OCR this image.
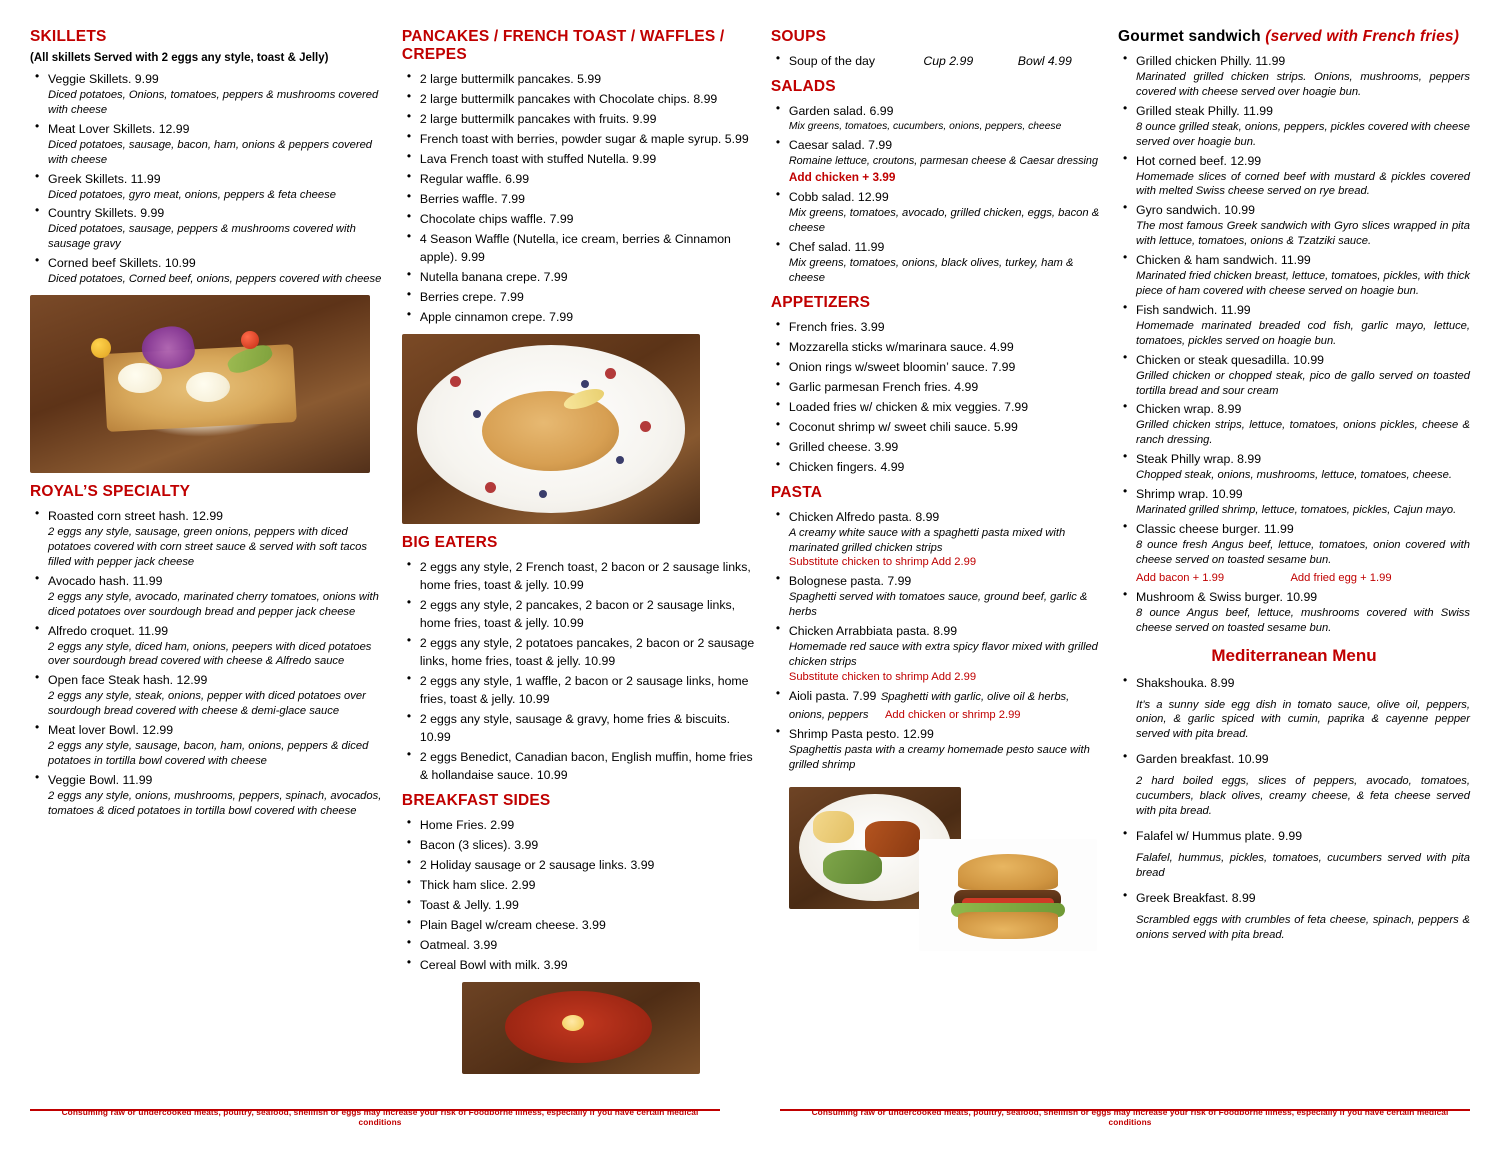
SKILLETS
(All skillets Served with 2 eggs any style, toast & Jelly)
• Veggie Skillets. 9.99
Diced potatoes, Onions, tomatoes, peppers & mushrooms covered with cheese
• Meat Lover Skillets. 12.99
Diced potatoes, sausage, bacon, ham, onions & peppers covered with cheese
• Greek Skillets. 11.99
Diced potatoes, gyro meat, onions, peppers & feta cheese
• Country Skillets. 9.99
Diced potatoes, sausage, peppers & mushrooms covered with sausage gravy
• Corned beef Skillets. 10.99
Diced potatoes, Corned beef, onions, peppers covered with cheese
ROYAL’S SPECIALTY
• Roasted corn street hash. 12.99
2 eggs any style, sausage, green onions, peppers with diced potatoes covered with corn street sauce & served with soft tacos filled with pepper jack cheese
• Avocado hash. 11.99
2 eggs any style, avocado, marinated cherry tomatoes, onions with diced potatoes over sourdough bread and pepper jack cheese
• Alfredo croquet. 11.99
2 eggs any style, diced ham, onions, peepers with diced potatoes over sourdough bread covered with cheese & Alfredo sauce
• Open face Steak hash. 12.99
2 eggs any style, steak, onions, pepper with diced potatoes over sourdough bread covered with cheese & demi-glace sauce
• Meat lover Bowl. 12.99
2 eggs any style, sausage, bacon, ham, onions, peppers & diced potatoes in tortilla bowl covered with cheese
• Veggie Bowl. 11.99
2 eggs any style, onions, mushrooms, peppers, spinach, avocados, tomatoes & diced potatoes in tortilla bowl covered with cheese
PANCAKES / FRENCH TOAST / WAFFLES / CREPES
• 2 large buttermilk pancakes. 5.99
• 2 large buttermilk pancakes with Chocolate chips. 8.99
• 2 large buttermilk pancakes with fruits. 9.99
• French toast with berries, powder sugar & maple syrup. 5.99
• Lava French toast with stuffed Nutella. 9.99
• Regular waffle. 6.99
• Berries waffle. 7.99
• Chocolate chips waffle. 7.99
• 4 Season Waffle (Nutella, ice cream, berries & Cinnamon apple). 9.99
• Nutella banana crepe. 7.99
• Berries crepe. 7.99
• Apple cinnamon crepe. 7.99
BIG EATERS
• 2 eggs any style, 2 French toast, 2 bacon or 2 sausage links, home fries, toast & jelly. 10.99
• 2 eggs any style, 2 pancakes, 2 bacon or 2 sausage links, home fries, toast & jelly. 10.99
• 2 eggs any style, 2 potatoes pancakes, 2 bacon or 2 sausage links, home fries, toast & jelly. 10.99
• 2 eggs any style, 1 waffle, 2 bacon or 2 sausage links, home fries, toast & jelly. 10.99
• 2 eggs any style, sausage & gravy, home fries & biscuits. 10.99
• 2 eggs Benedict, Canadian bacon, English muffin, home fries & hollandaise sauce. 10.99
BREAKFAST SIDES
• Home Fries. 2.99
• Bacon (3 slices). 3.99
• 2 Holiday sausage or 2 sausage links. 3.99
• Thick ham slice. 2.99
• Toast & Jelly. 1.99
• Plain Bagel w/cream cheese. 3.99
• Oatmeal. 3.99
• Cereal Bowl with milk. 3.99
SOUPS
• Soup of the day	Cup 2.99	Bowl 4.99
SALADS
• Garden salad. 6.99
Mix greens, tomatoes, cucumbers, onions, peppers, cheese
• Caesar salad. 7.99
Romaine lettuce, croutons, parmesan cheese & Caesar dressing
Add chicken + 3.99
• Cobb salad. 12.99
Mix greens, tomatoes, avocado, grilled chicken, eggs, bacon & cheese
• Chef salad. 11.99
Mix greens, tomatoes, onions, black olives, turkey, ham & cheese
APPETIZERS
• French fries. 3.99
• Mozzarella sticks w/marinara sauce. 4.99
• Onion rings w/sweet bloomin’ sauce. 7.99
• Garlic parmesan French fries. 4.99
• Loaded fries w/ chicken & mix veggies. 7.99
• Coconut shrimp w/ sweet chili sauce. 5.99
• Grilled cheese. 3.99
• Chicken fingers. 4.99
PASTA
• Chicken Alfredo pasta. 8.99
A creamy white sauce with a spaghetti pasta mixed with marinated grilled chicken strips
Substitute chicken to shrimp Add 2.99
• Bolognese pasta. 7.99
Spaghetti served with tomatoes sauce, ground beef, garlic & herbs
• Chicken Arrabbiata pasta. 8.99
Homemade red sauce with extra spicy flavor mixed with grilled chicken strips
Substitute chicken to shrimp Add 2.99
• Aioli pasta. 7.99 Spaghetti with garlic, olive oil & herbs, onions, peppers Add chicken or shrimp 2.99
• Shrimp Pasta pesto. 12.99
Spaghettis pasta with a creamy homemade pesto sauce with grilled shrimp
Gourmet sandwich (served with French fries)
• Grilled chicken Philly. 11.99
Marinated grilled chicken strips. Onions, mushrooms, peppers covered with cheese served over hoagie bun.
• Grilled steak Philly. 11.99
8 ounce grilled steak, onions, peppers, pickles covered with cheese served over hoagie bun.
• Hot corned beef. 12.99
Homemade slices of corned beef with mustard & pickles covered with melted Swiss cheese served on rye bread.
• Gyro sandwich. 10.99
The most famous Greek sandwich with Gyro slices wrapped in pita with lettuce, tomatoes, onions & Tzatziki sauce.
• Chicken & ham sandwich. 11.99
Marinated fried chicken breast, lettuce, tomatoes, pickles, with thick piece of ham covered with cheese served on hoagie bun.
• Fish sandwich. 11.99
Homemade marinated breaded cod fish, garlic mayo, lettuce, tomatoes, pickles served on hoagie bun.
• Chicken or steak quesadilla. 10.99
Grilled chicken or chopped steak, pico de gallo served on toasted tortilla bread and sour cream
• Chicken wrap. 8.99
Grilled chicken strips, lettuce, tomatoes, onions pickles, cheese & ranch dressing.
• Steak Philly wrap. 8.99
Chopped steak, onions, mushrooms, lettuce, tomatoes, cheese.
• Shrimp wrap. 10.99
Marinated grilled shrimp, lettuce, tomatoes, pickles, Cajun mayo.
• Classic cheese burger. 11.99
8 ounce fresh Angus beef, lettuce, tomatoes, onion covered with cheese served on toasted sesame bun.
Add bacon + 1.99	Add fried egg + 1.99
• Mushroom & Swiss burger. 10.99
8 ounce Angus beef, lettuce, mushrooms covered with Swiss cheese served on toasted sesame bun.
Mediterranean Menu
• Shakshouka. 8.99
It’s a sunny side egg dish in tomato sauce, olive oil, peppers, onion, & garlic spiced with cumin, paprika & cayenne pepper served with pita bread.
• Garden breakfast. 10.99
2 hard boiled eggs, slices of peppers, avocado, tomatoes, cucumbers, black olives, creamy cheese, & feta cheese served with pita bread.
• Falafel w/ Hummus plate. 9.99
Falafel, hummus, pickles, tomatoes, cucumbers served with pita bread
• Greek Breakfast. 8.99
Scrambled eggs with crumbles of feta cheese, spinach, peppers & onions served with pita bread.
Consuming raw or undercooked meats, poultry, seafood, shellfish or eggs may increase your risk of Foodborne illness, especially if you have certain medical conditions
Consuming raw or undercooked meats, poultry, seafood, shellfish or eggs may increase your risk of Foodborne illness, especially if you have certain medical conditions
